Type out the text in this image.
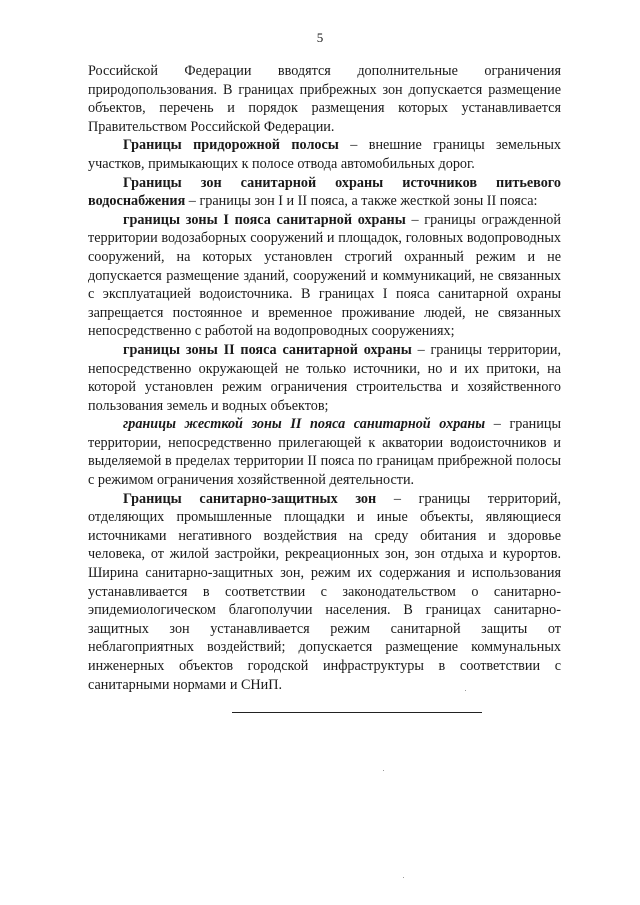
5

Российской Федерации вводятся дополнительные ограничения природопользования. В границах прибрежных зон допускается размещение объектов, перечень и порядок размещения которых устанавливается Правительством Российской Федерации.

Границы придорожной полосы – внешние границы земельных участков, примыкающих к полосе отвода автомобильных дорог.

Границы зон санитарной охраны источников питьевого водоснабжения – границы зон I и II пояса, а также жесткой зоны II пояса:

границы зоны I пояса санитарной охраны – границы огражденной территории водозаборных сооружений и площадок, головных водопроводных сооружений, на которых установлен строгий охранный режим и не допускается размещение зданий, сооружений и коммуникаций, не связанных с эксплуатацией водоисточника. В границах I пояса санитарной охраны запрещается постоянное и временное проживание людей, не связанных непосредственно с работой на водопроводных сооружениях;

границы зоны II пояса санитарной охраны – границы территории, непосредственно окружающей не только источники, но и их притоки, на которой установлен режим ограничения строительства и хозяйственного пользования земель и водных объектов;

границы жесткой зоны II пояса санитарной охраны – границы территории, непосредственно прилегающей к акватории водоисточников и выделяемой в пределах территории II пояса по границам прибрежной полосы с режимом ограничения хозяйственной деятельности.

Границы санитарно-защитных зон – границы территорий, отделяющих промышленные площадки и иные объекты, являющиеся источниками негативного воздействия на среду обитания и здоровье человека, от жилой застройки, рекреационных зон, зон отдыха и курортов. Ширина санитарно-защитных зон, режим их содержания и использования устанавливается в соответствии с законодательством о санитарно-эпидемиологическом благополучии населения. В границах санитарно-защитных зон устанавливается режим санитарной защиты от неблагоприятных воздействий; допускается размещение коммунальных инженерных объектов городской инфраструктуры в соответствии с санитарными нормами и СНиП.
